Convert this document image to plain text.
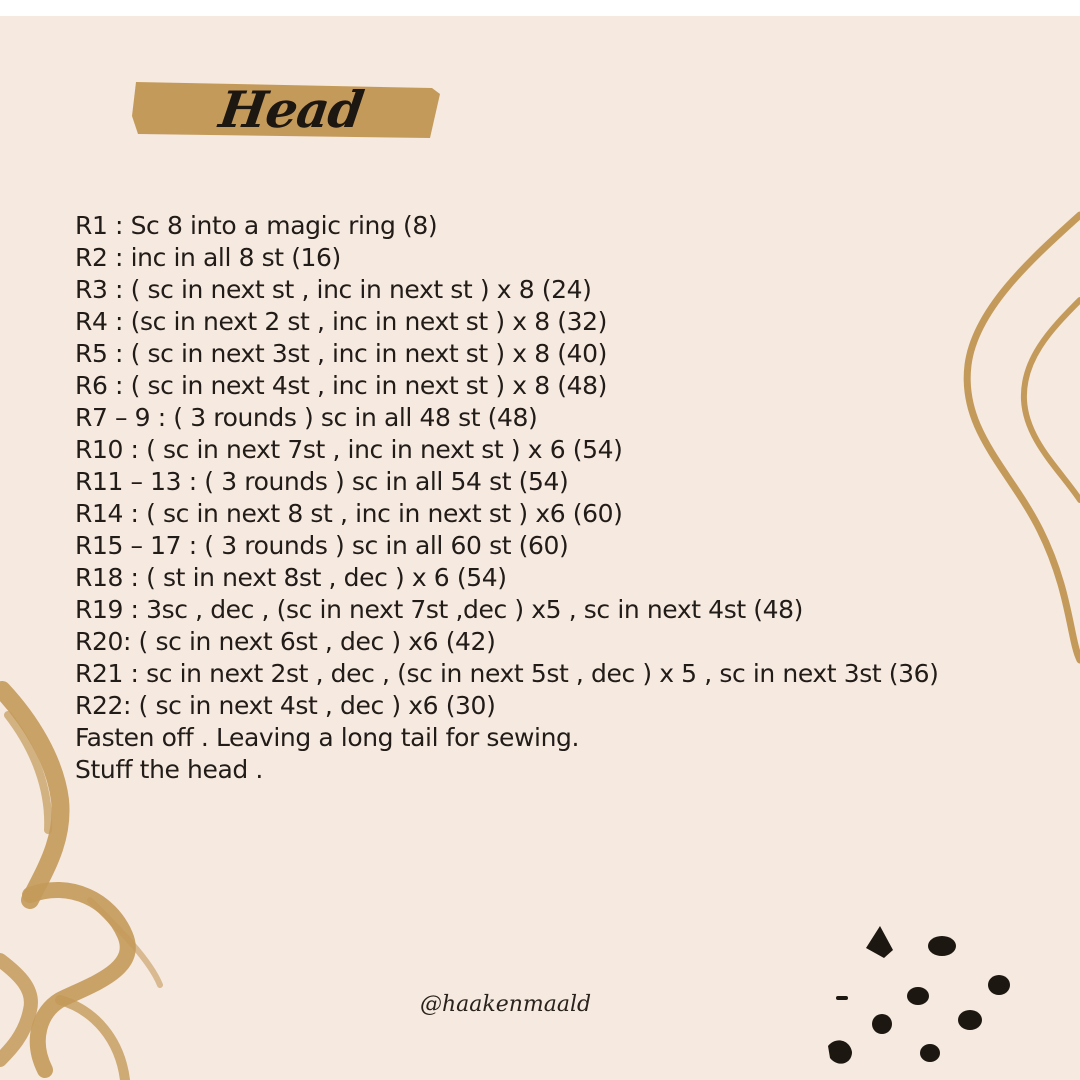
Head
R1 : Sc 8 into a magic ring (8)
R2 : inc in all 8 st (16)
R3 : ( sc in next st , inc in next st ) x 8 (24)
R4 : (sc in next 2 st , inc in next st ) x 8 (32)
R5 : ( sc in next 3st , inc in next st ) x 8 (40)
R6 : ( sc in next 4st , inc in next st ) x 8 (48)
R7 – 9 : ( 3 rounds ) sc in all 48 st (48)
R10 : ( sc in next 7st , inc in next st ) x 6 (54)
R11 – 13 : ( 3 rounds ) sc in all 54 st (54)
R14 : ( sc in next 8 st , inc in next st ) x6 (60)
R15 – 17 : ( 3 rounds ) sc in all 60 st (60)
R18 : ( st in next 8st , dec ) x 6 (54)
R19 : 3sc , dec , (sc in next 7st ,dec ) x5 , sc in next 4st (48)
R20: ( sc in next 6st , dec ) x6 (42)
R21 : sc in next 2st , dec , (sc in next 5st , dec ) x 5 , sc in next 3st (36)
R22: ( sc in next 4st , dec ) x6 (30)
Fasten off . Leaving a long tail for sewing.
Stuff the head .
@haakenmaald
